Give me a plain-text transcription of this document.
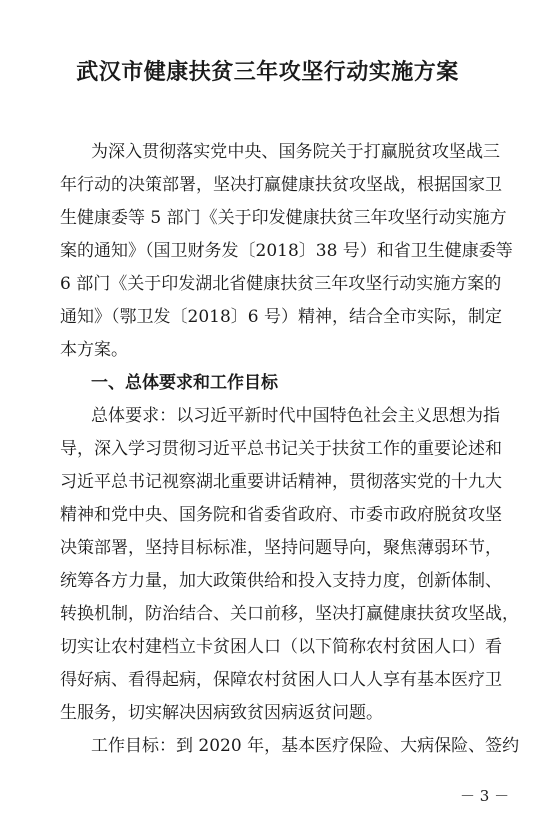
武汉市健康扶贫三年攻坚行动实施方案
为深入贯彻落实党中央、国务院关于打赢脱贫攻坚战三
年行动的决策部署，坚决打赢健康扶贫攻坚战，根据国家卫
生健康委等 5 部门《关于印发健康扶贫三年攻坚行动实施方
案的通知》（国卫财务发〔2018〕38 号）和省卫生健康委等
6 部门《关于印发湖北省健康扶贫三年攻坚行动实施方案的
通知》（鄂卫发〔2018〕6 号）精神，结合全市实际，制定
本方案。
一、总体要求和工作目标
总体要求：以习近平新时代中国特色社会主义思想为指
导，深入学习贯彻习近平总书记关于扶贫工作的重要论述和
习近平总书记视察湖北重要讲话精神，贯彻落实党的十九大
精神和党中央、国务院和省委省政府、市委市政府脱贫攻坚
决策部署，坚持目标标准，坚持问题导向，聚焦薄弱环节，
统筹各方力量，加大政策供给和投入支持力度，创新体制、
转换机制，防治结合、关口前移，坚决打赢健康扶贫攻坚战，
切实让农村建档立卡贫困人口（以下简称农村贫困人口）看
得好病、看得起病，保障农村贫困人口人人享有基本医疗卫
生服务，切实解决因病致贫因病返贫问题。
工作目标：到 2020 年，基本医疗保险、大病保险、签约
－ 3 －
